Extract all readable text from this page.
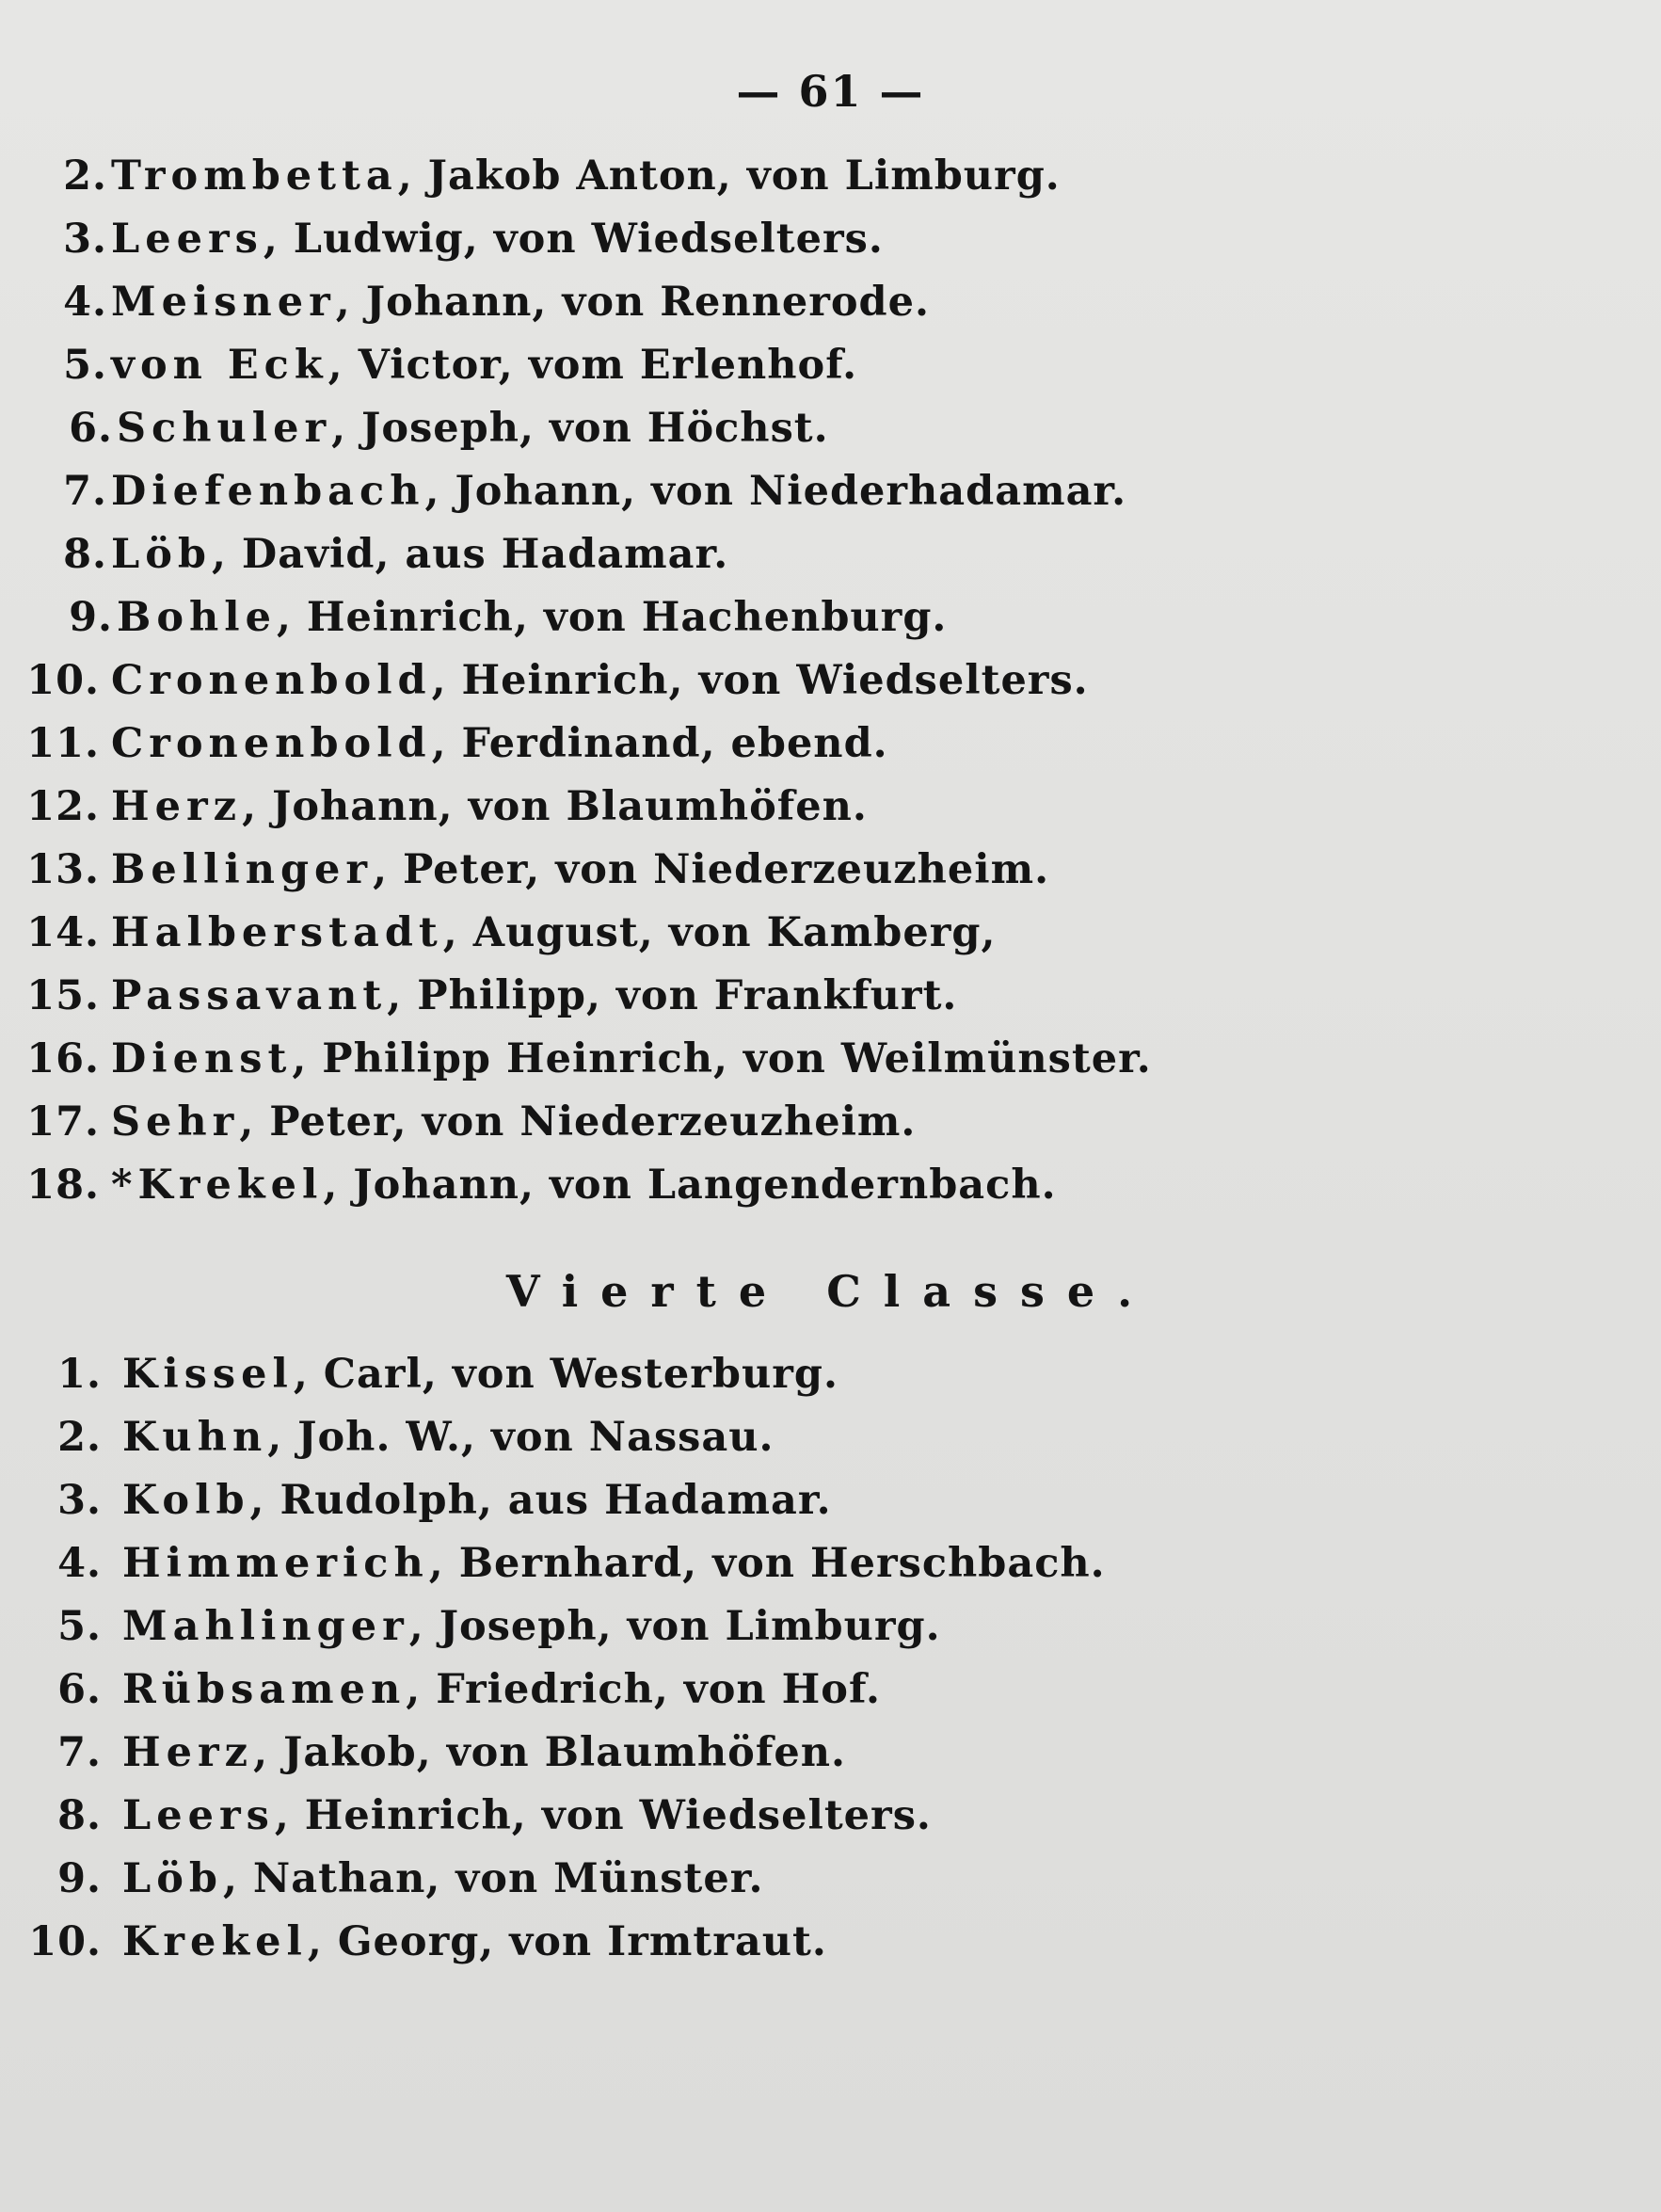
— 61 —
2. Trombetta, Jakob Anton, von Limburg.
3. Leers, Ludwig, von Wiedselters.
4. Meisner, Johann, von Rennerode.
5. von Eck, Victor, vom Erlenhof.
6. Schuler, Joseph, von Höchst.
7. Diefenbach, Johann, von Niederhadamar.
8. Löb, David, aus Hadamar.
9. Bohle, Heinrich, von Hachenburg.
10. Cronenbold, Heinrich, von Wiedselters.
11. Cronenbold, Ferdinand, ebend.
12. Herz, Johann, von Blaumhöfen.
13. Bellinger, Peter, von Niederzeuzheim.
14. Halberstadt, August, von Kamberg,
15. Passavant, Philipp, von Frankfurt.
16. Dienst, Philipp Heinrich, von Weilmünster.
17. Sehr, Peter, von Niederzeuzheim.
18. *Krekel, Johann, von Langendernbach.
Vierte Classe.
1. Kissel, Carl, von Westerburg.
2. Kuhn, Joh. W., von Nassau.
3. Kolb, Rudolph, aus Hadamar.
4. Himmerich, Bernhard, von Herschbach.
5. Mahlinger, Joseph, von Limburg.
6. Rübsamen, Friedrich, von Hof.
7. Herz, Jakob, von Blaumhöfen.
8. Leers, Heinrich, von Wiedselters.
9. Löb, Nathan, von Münster.
10. Krekel, Georg, von Irmtraut.
